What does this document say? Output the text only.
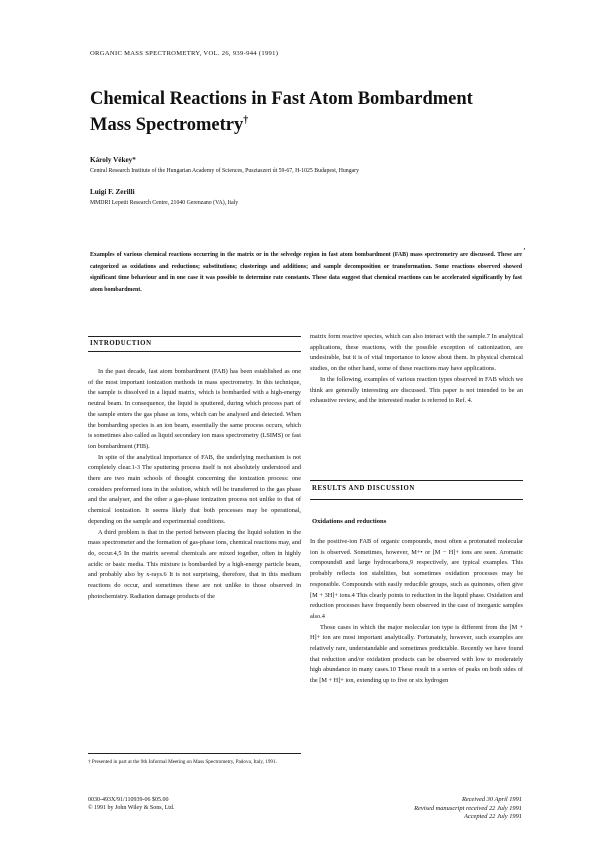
ORGANIC MASS SPECTROMETRY, VOL. 26, 939-944 (1991)
Chemical Reactions in Fast Atom Bombardment
Mass Spectrometry†
Károly Vékey*
Central Research Institute of the Hungarian Academy of Sciences, Pusztaszeri út 59-67, H-1025 Budapest, Hungary
Luigi F. Zerilli
MMDRI Lepetit Research Centre, 21040 Gerenzano (VA), Italy
‚
Examples of various chemical reactions occurring in the matrix or in the selvedge region in fast atom bombardment (FAB) mass spectrometry are discussed. These are categorized as oxidations and reductions; substitutions; clusterings and additions; and sample decomposition or transformation. Some reactions observed showed significant time behaviour and in one case it was possible to determine rate constants. These data suggest that chemical reactions can be accelerated significantly by fast atom bombardment.
INTRODUCTION

In the past decade, fast atom bombardment (FAB) has been established as one of the most important ionization methods in mass spectrometry. In this technique, the sample is dissolved in a liquid matrix, which is bombarded with a high-energy neutral beam. In consequence, the liquid is sputtered, during which process part of the sample enters the gas phase as ions, which can be analysed and detected. When the bombarding species is an ion beam, essentially the same process occurs, which is sometimes also called as liquid secondary ion mass spectrometry (LSIMS) or fast ion bombardment (FIB).

In spite of the analytical importance of FAB, the underlying mechanism is not completely clear.1-3 The sputtering process itself is not absolutely understood and there are two main schools of thought concerning the ionization process: one considers preformed ions in the solution, which will be transferred to the gas phase and the analyser, and the other a gas-phase ionization process not unlike to that of chemical ionization. It seems likely that both processes may be operational, depending on the sample and experimental conditions.

A third problem is that in the period between placing the liquid solution in the mass spectrometer and the formation of gas-phase ions, chemical reactions may, and do, occur.4,5 In the matrix several chemicals are mixed together, often in highly acidic or basic media. This mixture is bombarded by a high-energy particle beam, and probably also by x-rays.6 It is not surprising, therefore, that in this medium reactions do occur, and sometimes these are not unlike to those observed in photochemistry. Radiation damage products of the

† Presented in part at the 9th Informal Meeting on Mass Spectrometry, Padova, Italy, 1991.

matrix form reactive species, which can also interact with the sample.7 In analytical applications, these reactions, with the possible exception of cationization, are undesirable, but it is of vital importance to know about them. In physical chemical studies, on the other hand, some of these reactions may have applications.

In the following, examples of various reaction types observed in FAB which we think are generally interesting are discussed. This paper is not intended to be an exhaustive review, and the interested reader is referred to Ref. 4.

RESULTS AND DISCUSSION
Oxidations and reductions

In the positive-ion FAB of organic compounds, most often a protonated molecular ion is observed. Sometimes, however, M+• or [M − H]+ ions are seen. Aromatic compounds8 and large hydrocarbons,9 respectively, are typical examples. This probably reflects ion stabilities, but sometimes oxidation processes may be responsible. Compounds with easily reducible groups, such as quinones, often give [M + 3H]+ ions.4 This clearly points to reduction in the liquid phase. Oxidation and reduction processes have frequently been observed in the case of inorganic samples also.4

Those cases in which the major molecular ion type is different from the [M + H]+ ion are most important analytically. Fortunately, however, such examples are relatively rare, understandable and sometimes predictable. Recently we have found that reduction and/or oxidation products can be observed with low to moderately high abundance in many cases.10 These result in a series of peaks on both sides of the [M + H]+ ion, extending up to five or six hydrogen

0030-493X/91/110939-06 $05.00
© 1991 by John Wiley & Sons, Ltd.
Received 30 April 1991
Revised manuscript received 22 July 1991
Accepted 22 July 1991
